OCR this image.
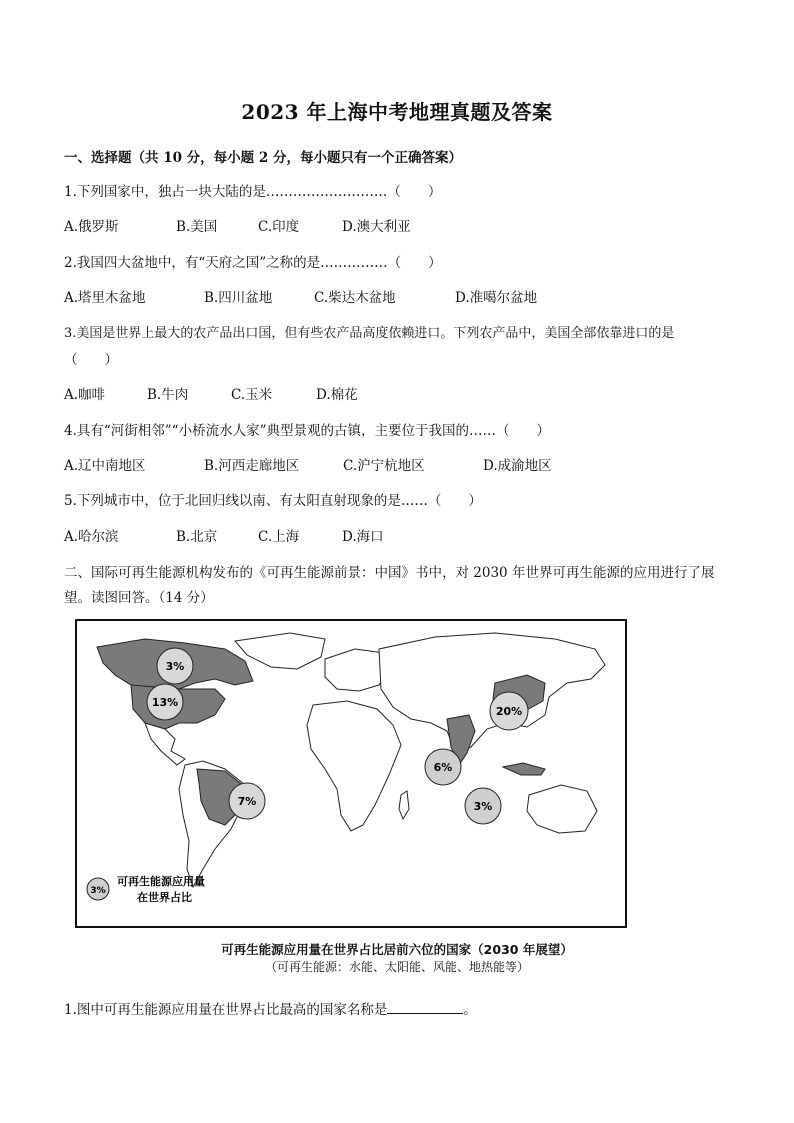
2023 年上海中考地理真题及答案
一、选择题（共 10 分，每小题 2 分，每小题只有一个正确答案）
1.下列国家中，独占一块大陆的是………………………（　　）
A.俄罗斯	B.美国	C.印度	D.澳大利亚
2.我国四大盆地中，有“天府之国”之称的是……………（　　）
A.塔里木盆地	B.四川盆地	C.柴达木盆地	D.准噶尔盆地
3.美国是世界上最大的农产品出口国，但有些农产品高度依赖进口。下列农产品中，美国全部依靠进口的是
（　　）
A.咖啡	B.牛肉	C.玉米	D.棉花
4.具有“河街相邻”“小桥流水人家”典型景观的古镇，主要位于我国的……（　　）
A.辽中南地区	B.河西走廊地区	C.沪宁杭地区	D.成渝地区
5.下列城市中，位于北回归线以南、有太阳直射现象的是……（　　）
A.哈尔滨	B.北京	C.上海	D.海口
二、国际可再生能源机构发布的《可再生能源前景：中国》书中，对 2030 年世界可再生能源的应用进行了展
望。读图回答。（14 分）
3%
13%
7%
20%
6%
3%
3%
可再生能源应用量
在世界占比
可再生能源应用量在世界占比居前六位的国家（2030 年展望）
（可再生能源：水能、太阳能、风能、地热能等）
1.图中可再生能源应用量在世界占比最高的国家名称是	。
